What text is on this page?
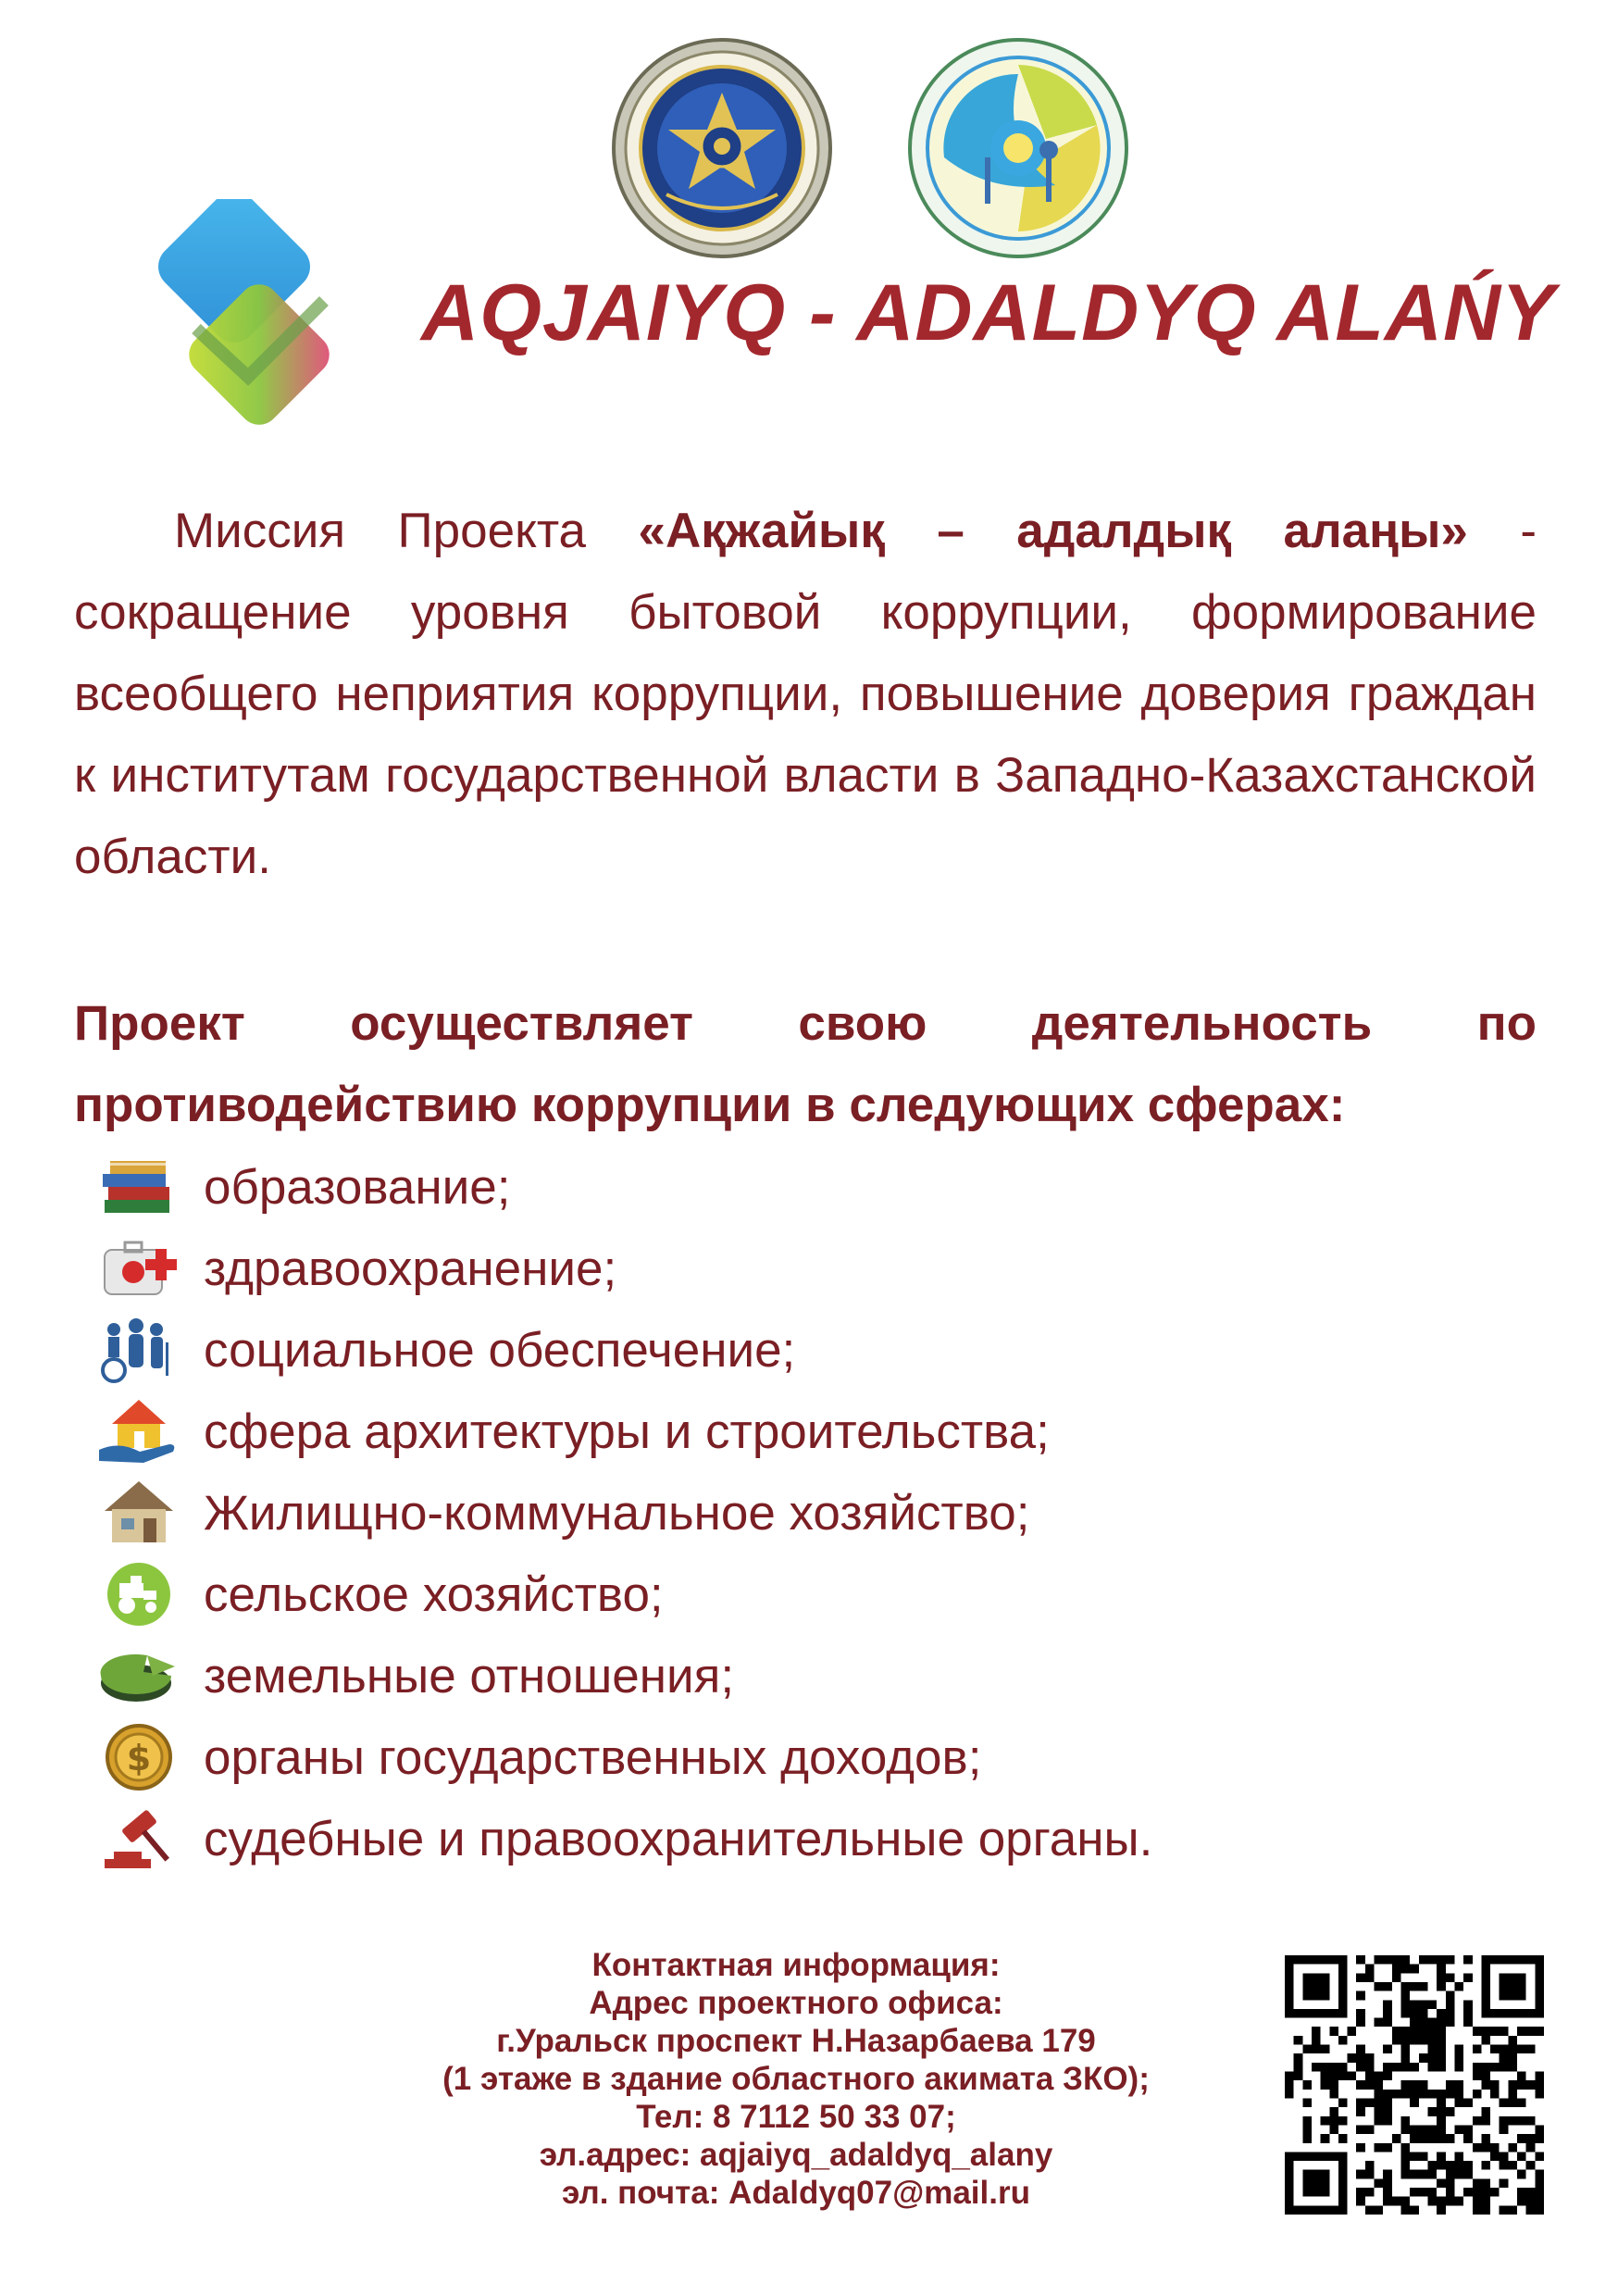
AQJAIYQ - ADALDYQ ALAŃY
Миссия Проекта «Ақжайық – адалдық алаңы» - сокращение уровня бытовой коррупции, формирование всеобщего неприятия коррупции, повышение доверия граждан к институтам государственной власти в Западно-Казахстанской области.
Проект осуществляет свою деятельность по противодействию коррупции в следующих сферах:
образование;
здравоохранение;
социальное обеспечение;
сфера архитектуры и строительства;
Жилищно-коммунальное хозяйство;
сельское хозяйство;
земельные отношения;
$ органы государственных доходов;
судебные и правоохранительные органы.
Контактная информация:
Адрес проектного офиса:
г.Уральск проспект Н.Назарбаева 179
(1 этаже в здание областного акимата ЗКО);
Тел: 8 7112 50 33 07;
эл.адрес: aqjaiyq_adaldyq_alany
эл. почта: Adaldyq07@mail.ru
